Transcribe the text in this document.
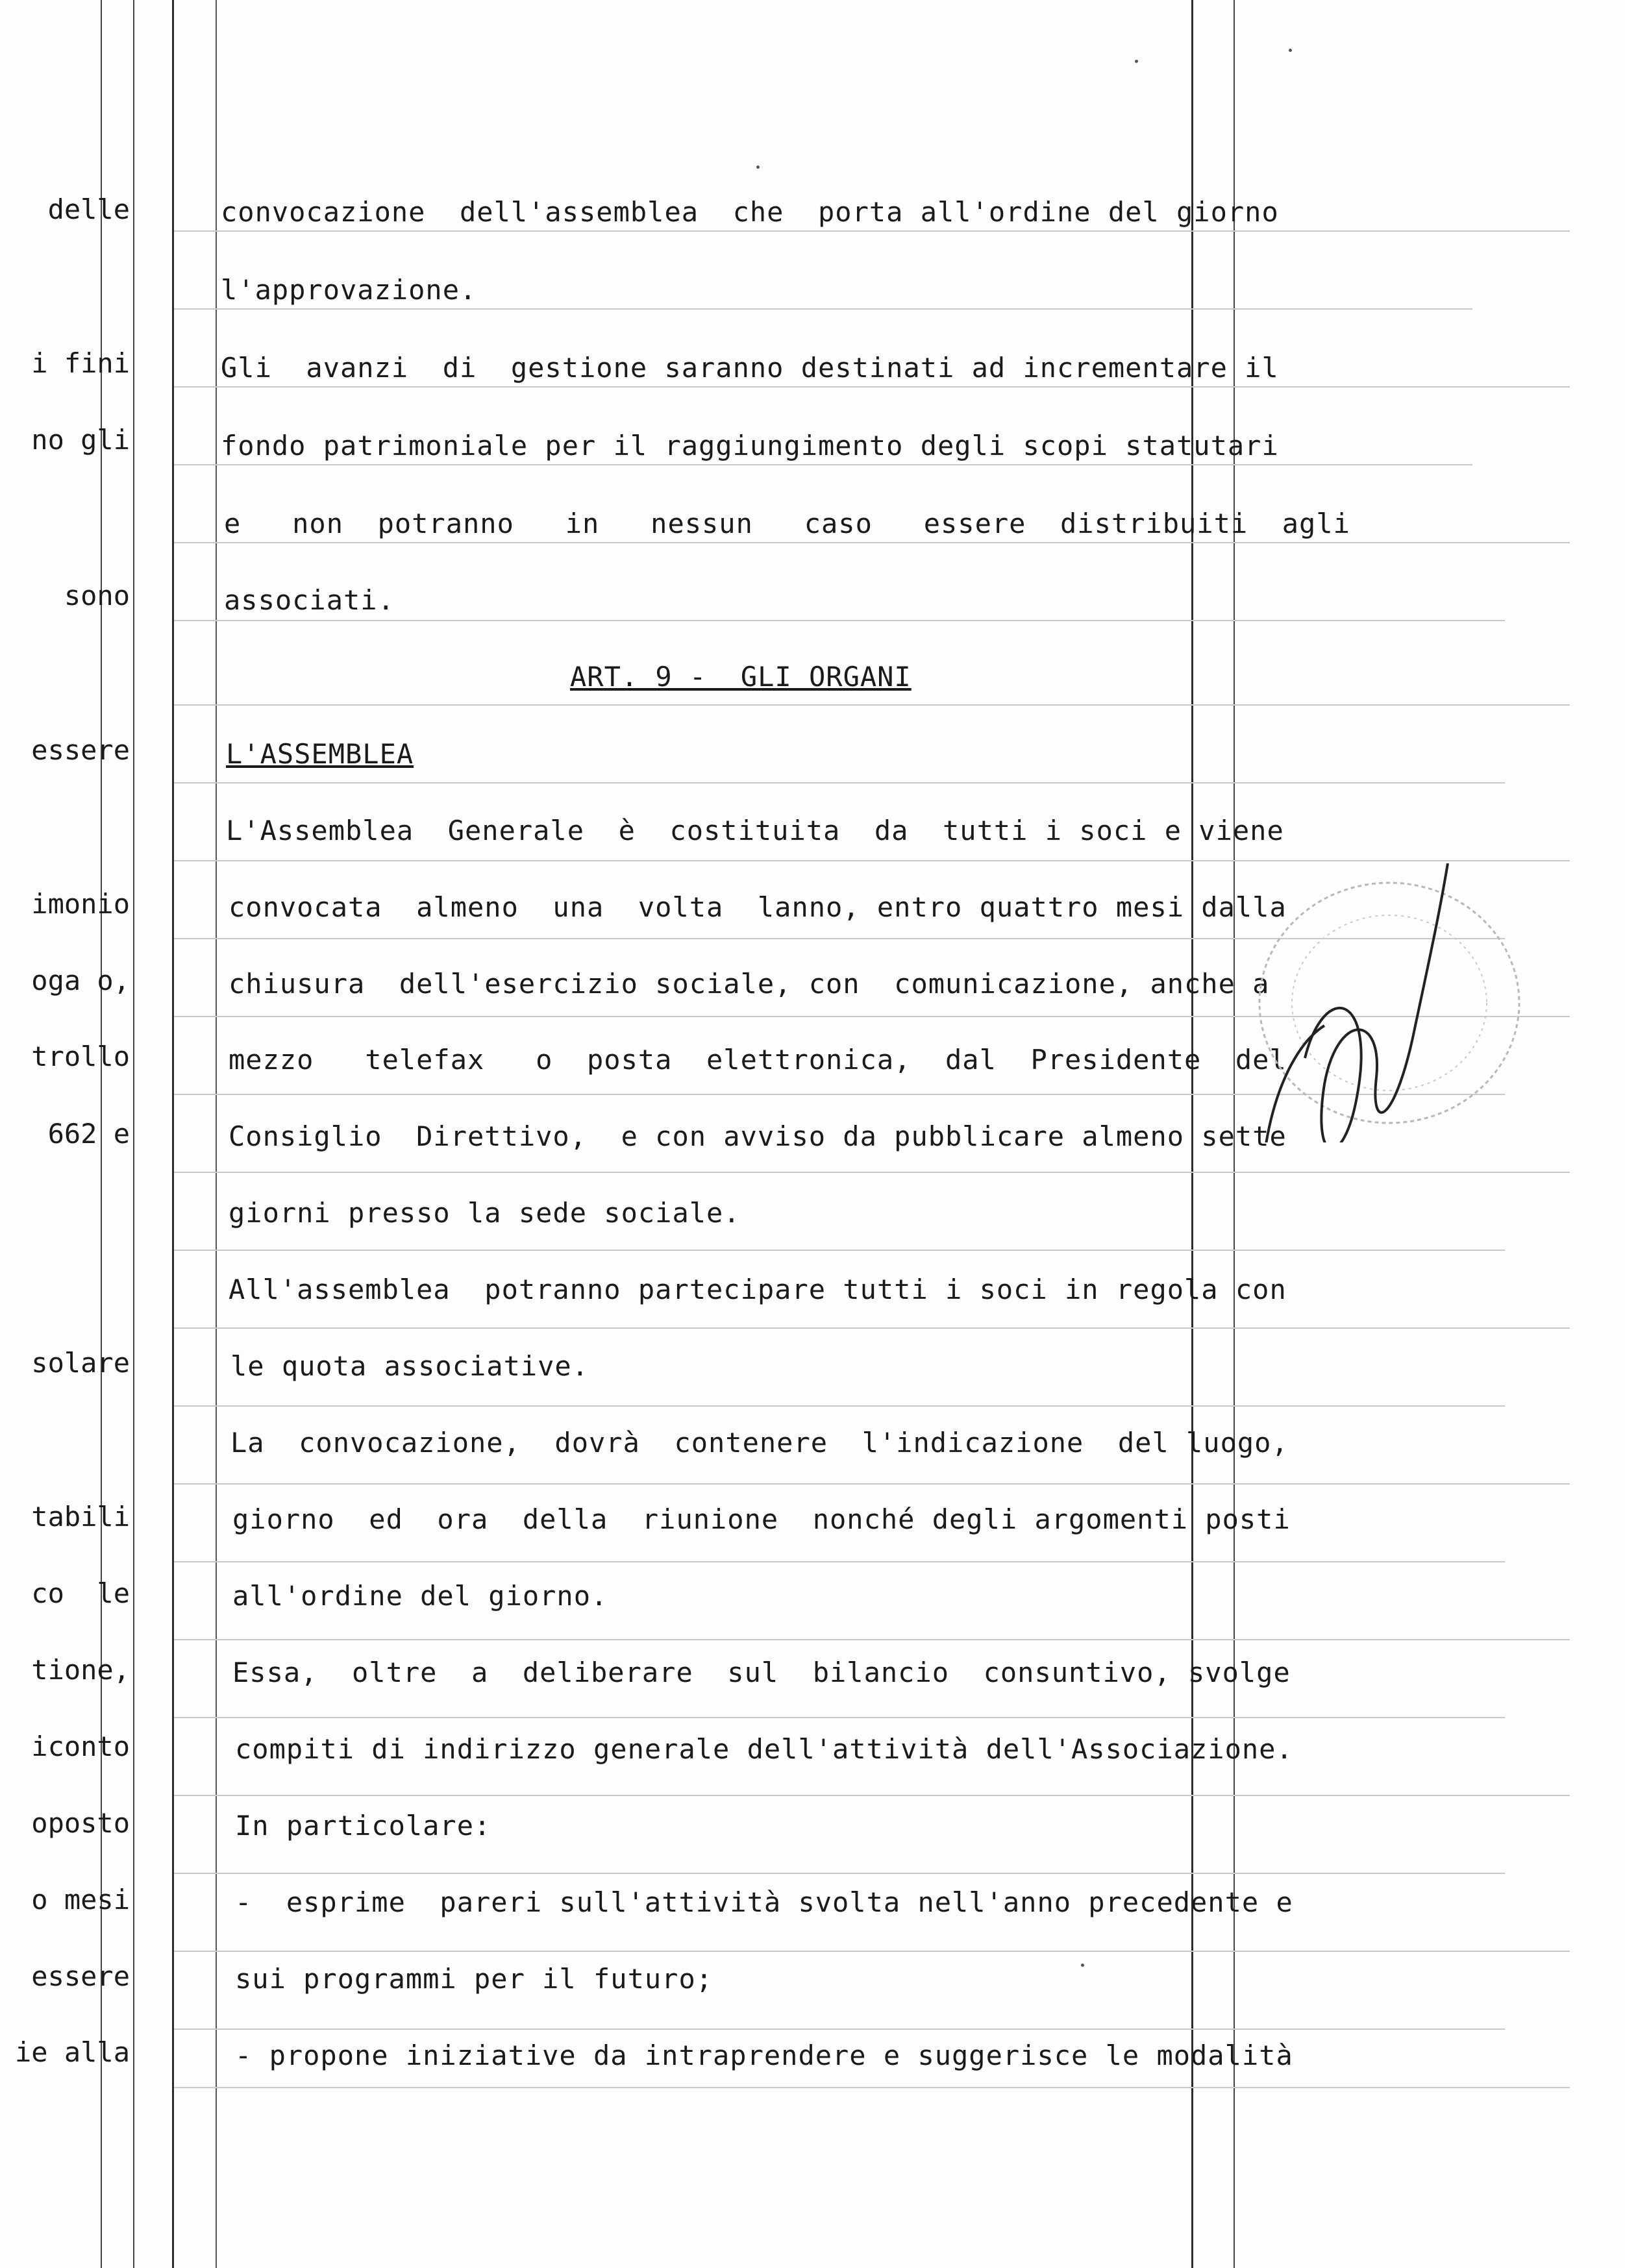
delle
i fini
no gli
sono
essere
imonio
oga o,
trollo
662 e
solare
tabili
co  le
tione,
iconto
oposto
o mesi
essere
ie alla
convocazione  dell'assemblea  che  porta all'ordine del giorno
l'approvazione.
Gli  avanzi  di  gestione saranno destinati ad incrementare il
fondo patrimoniale per il raggiungimento degli scopi statutari
e   non  potranno   in   nessun   caso   essere  distribuiti  agli
associati.
ART. 9 -  GLI ORGANI
L'ASSEMBLEA
L'Assemblea  Generale  è  costituita  da  tutti i soci e viene
convocata  almeno  una  volta  lanno, entro quattro mesi dalla
chiusura  dell'esercizio sociale, con  comunicazione, anche a
mezzo   telefax   o  posta  elettronica,  dal  Presidente  del
Consiglio  Direttivo,  e con avviso da pubblicare almeno sette
giorni presso la sede sociale.
All'assemblea  potranno partecipare tutti i soci in regola con
le quota associative.
La  convocazione,  dovrà  contenere  l'indicazione  del luogo,
giorno  ed  ora  della  riunione  nonché degli argomenti posti
all'ordine del giorno.
Essa,  oltre  a  deliberare  sul  bilancio  consuntivo, svolge
compiti di indirizzo generale dell'attività dell'Associazione.
In particolare:
-  esprime  pareri sull'attività svolta nell'anno precedente e
sui programmi per il futuro;
- propone iniziative da intraprendere e suggerisce le modalità
